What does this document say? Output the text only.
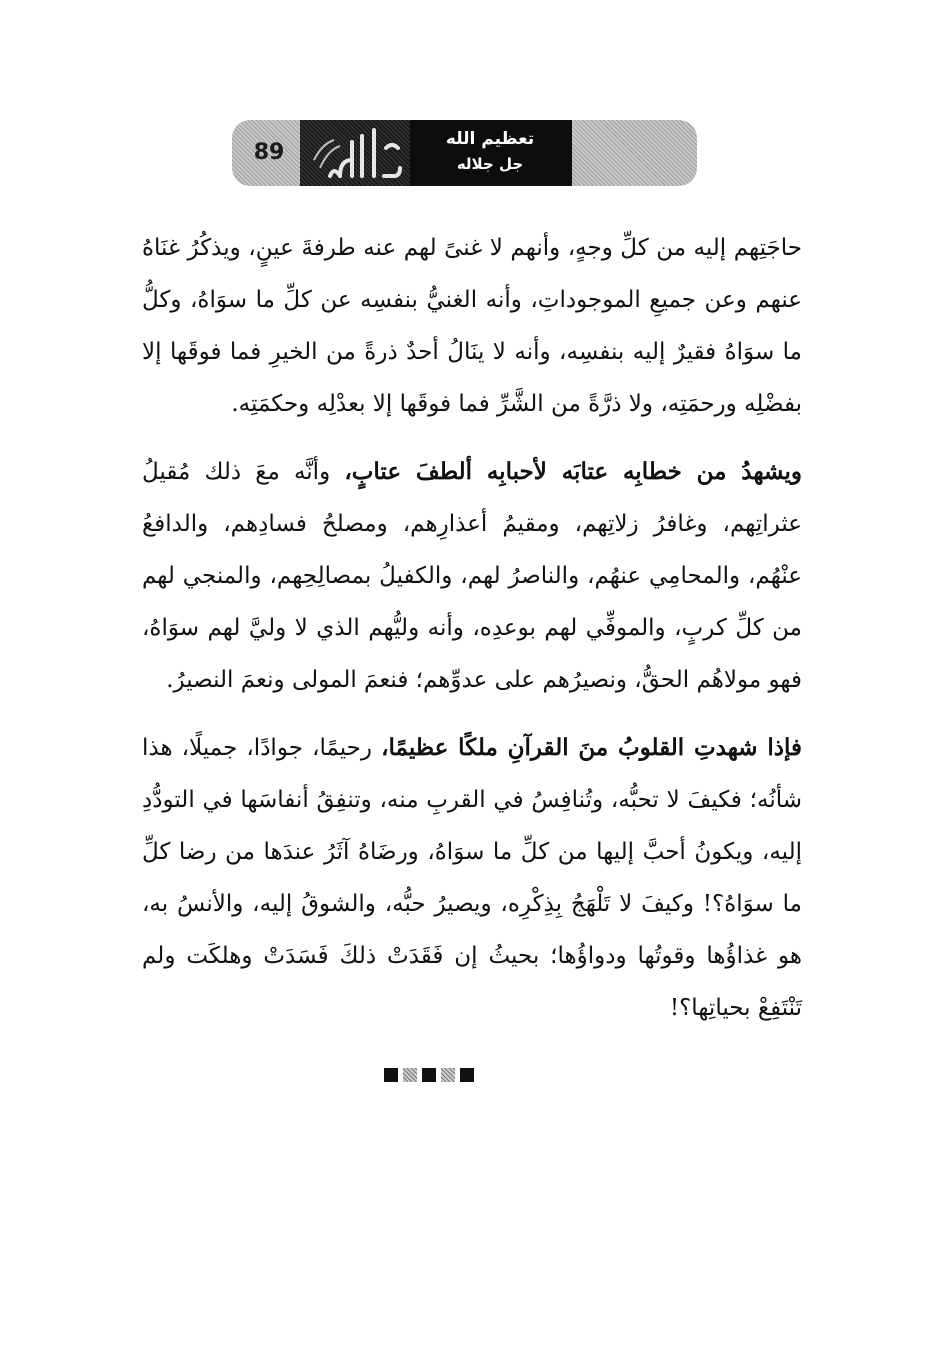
89
تعظيم الله
جل جلاله

حاجَتِهم إليه من كلِّ وجهٍ، وأنهم لا غنىً لهم عنه طرفةَ عينٍ، ويذكُرُ غنَاهُ عنهم وعن جميعِ الموجوداتِ، وأنه الغنيُّ بنفسِه عن كلِّ ما سوَاهُ، وكلُّ ما سوَاهُ فقيرٌ إليه بنفسِه، وأنه لا ينَالُ أحدٌ ذرةً من الخيرِ فما فوقَها إلا بفضْلِه ورحمَتِه، ولا ذرَّةً من الشَّرِّ فما فوقَها إلا بعدْلِه وحكمَتِه.

ويشهدُ من خطابِه عتابَه لأحبابِه ألطفَ عتابٍ، وأنَّه معَ ذلك مُقيلُ عثراتِهم، وغافرُ زلاتِهم، ومقيمُ أعذارِهم، ومصلحُ فسادِهم، والدافعُ عنْهُم، والمحامِي عنهُم، والناصرُ لهم، والكفيلُ بمصالِحِهم، والمنجي لهم من كلِّ كربٍ، والموفِّي لهم بوعدِه، وأنه وليُّهم الذي لا وليَّ لهم سوَاهُ، فهو مولاهُم الحقُّ، ونصيرُهم على عدوِّهم؛ فنعمَ المولى ونعمَ النصيرُ.

فإذا شهدتِ القلوبُ منَ القرآنِ ملكًا عظيمًا، رحيمًا، جوادًا، جميلًا، هذا شأنُه؛ فكيفَ لا تحبُّه، وتُنافِسُ في القربِ منه، وتنفِقُ أنفاسَها في التودُّدِ إليه، ويكونُ أحبَّ إليها من كلِّ ما سوَاهُ، ورضَاهُ آثَرُ عندَها من رضا كلِّ ما سوَاهُ؟! وكيفَ لا تَلْهَجُ بِذِكْرِه، ويصيرُ حبُّه، والشوقُ إليه، والأنسُ به، هو غذاؤُها وقوتُها ودواؤُها؛ بحيثُ إن فَقَدَتْ ذلكَ فَسَدَتْ وهلكَت ولم تَنْتَفِعْ بحياتِها؟!
